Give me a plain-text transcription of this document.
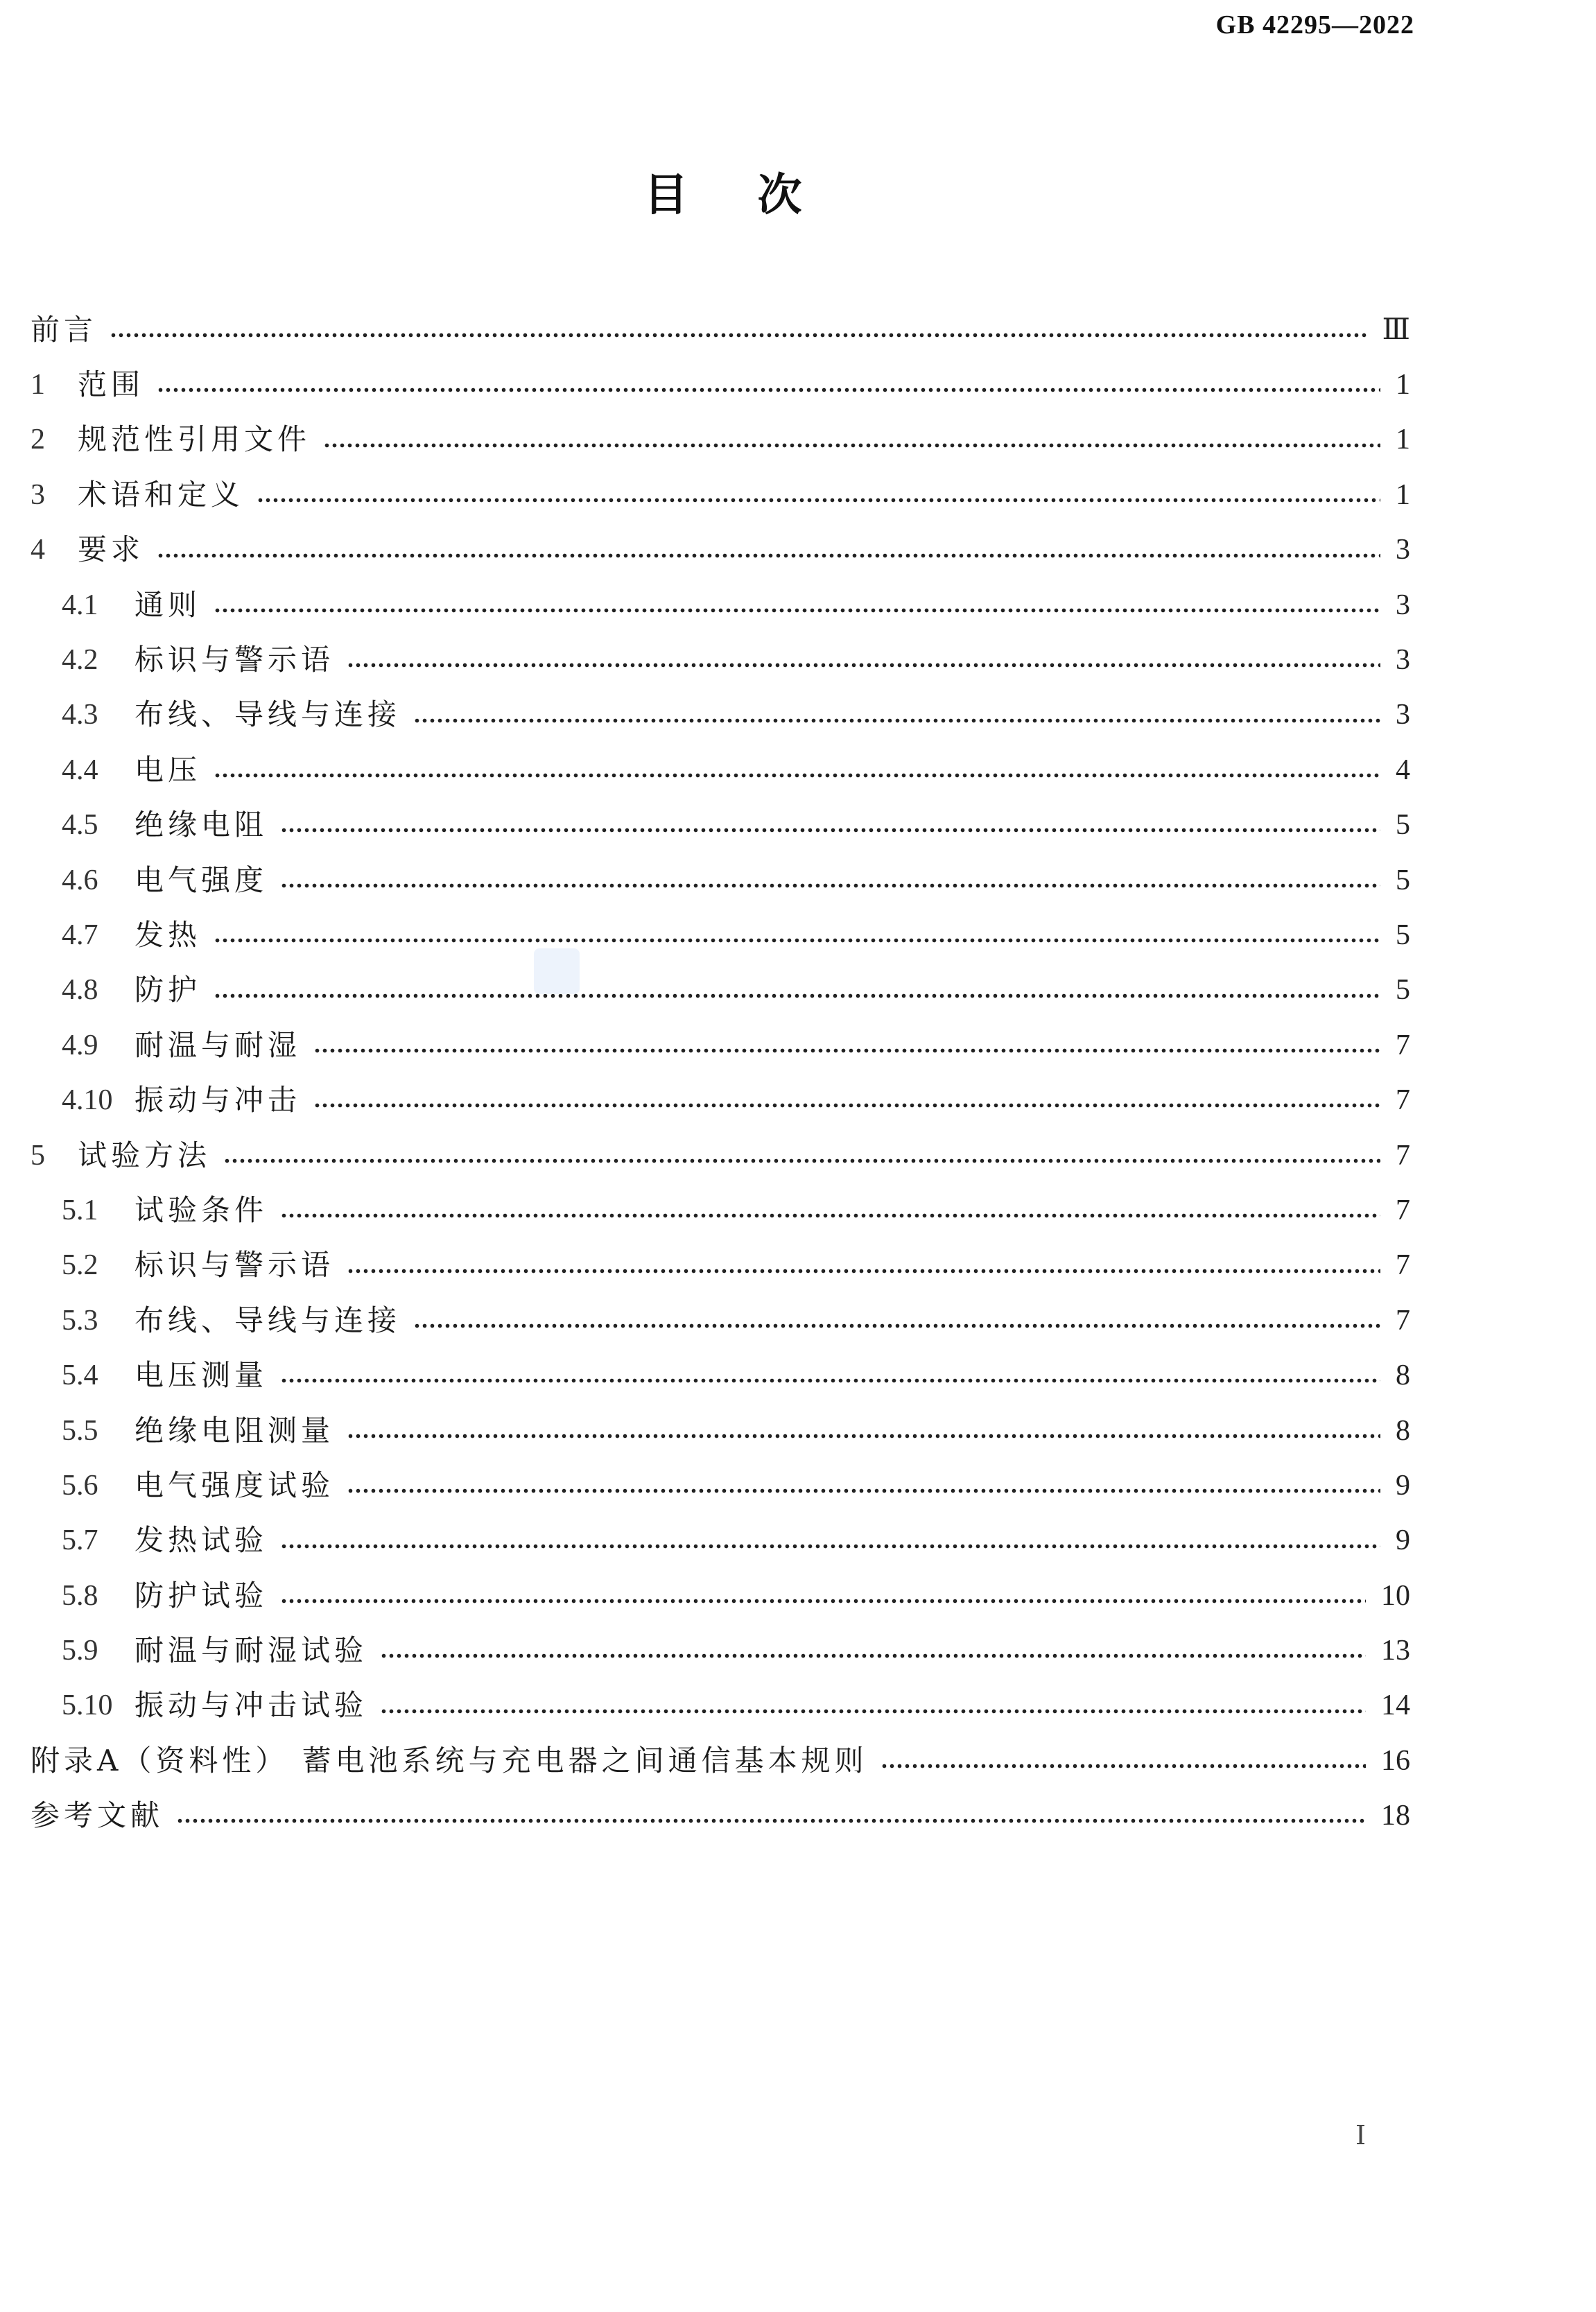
GB 42295—2022
目 次
前言	Ⅲ
1	范围	1
2	规范性引用文件	1
3	术语和定义	1
4	要求	3
4.1	通则	3
4.2	标识与警示语	3
4.3	布线、导线与连接	3
4.4	电压	4
4.5	绝缘电阻	5
4.6	电气强度	5
4.7	发热	5
4.8	防护	5
4.9	耐温与耐湿	7
4.10 振动与冲击	7
5	试验方法	7
5.1	试验条件	7
5.2	标识与警示语	7
5.3	布线、导线与连接	7
5.4	电压测量	8
5.5	绝缘电阻测量	8
5.6	电气强度试验	9
5.7	发热试验	9
5.8	防护试验	10
5.9	耐温与耐湿试验	13
5.10 振动与冲击试验	14
附录A（资料性） 蓄电池系统与充电器之间通信基本规则	16
参考文献	18
Ⅰ
